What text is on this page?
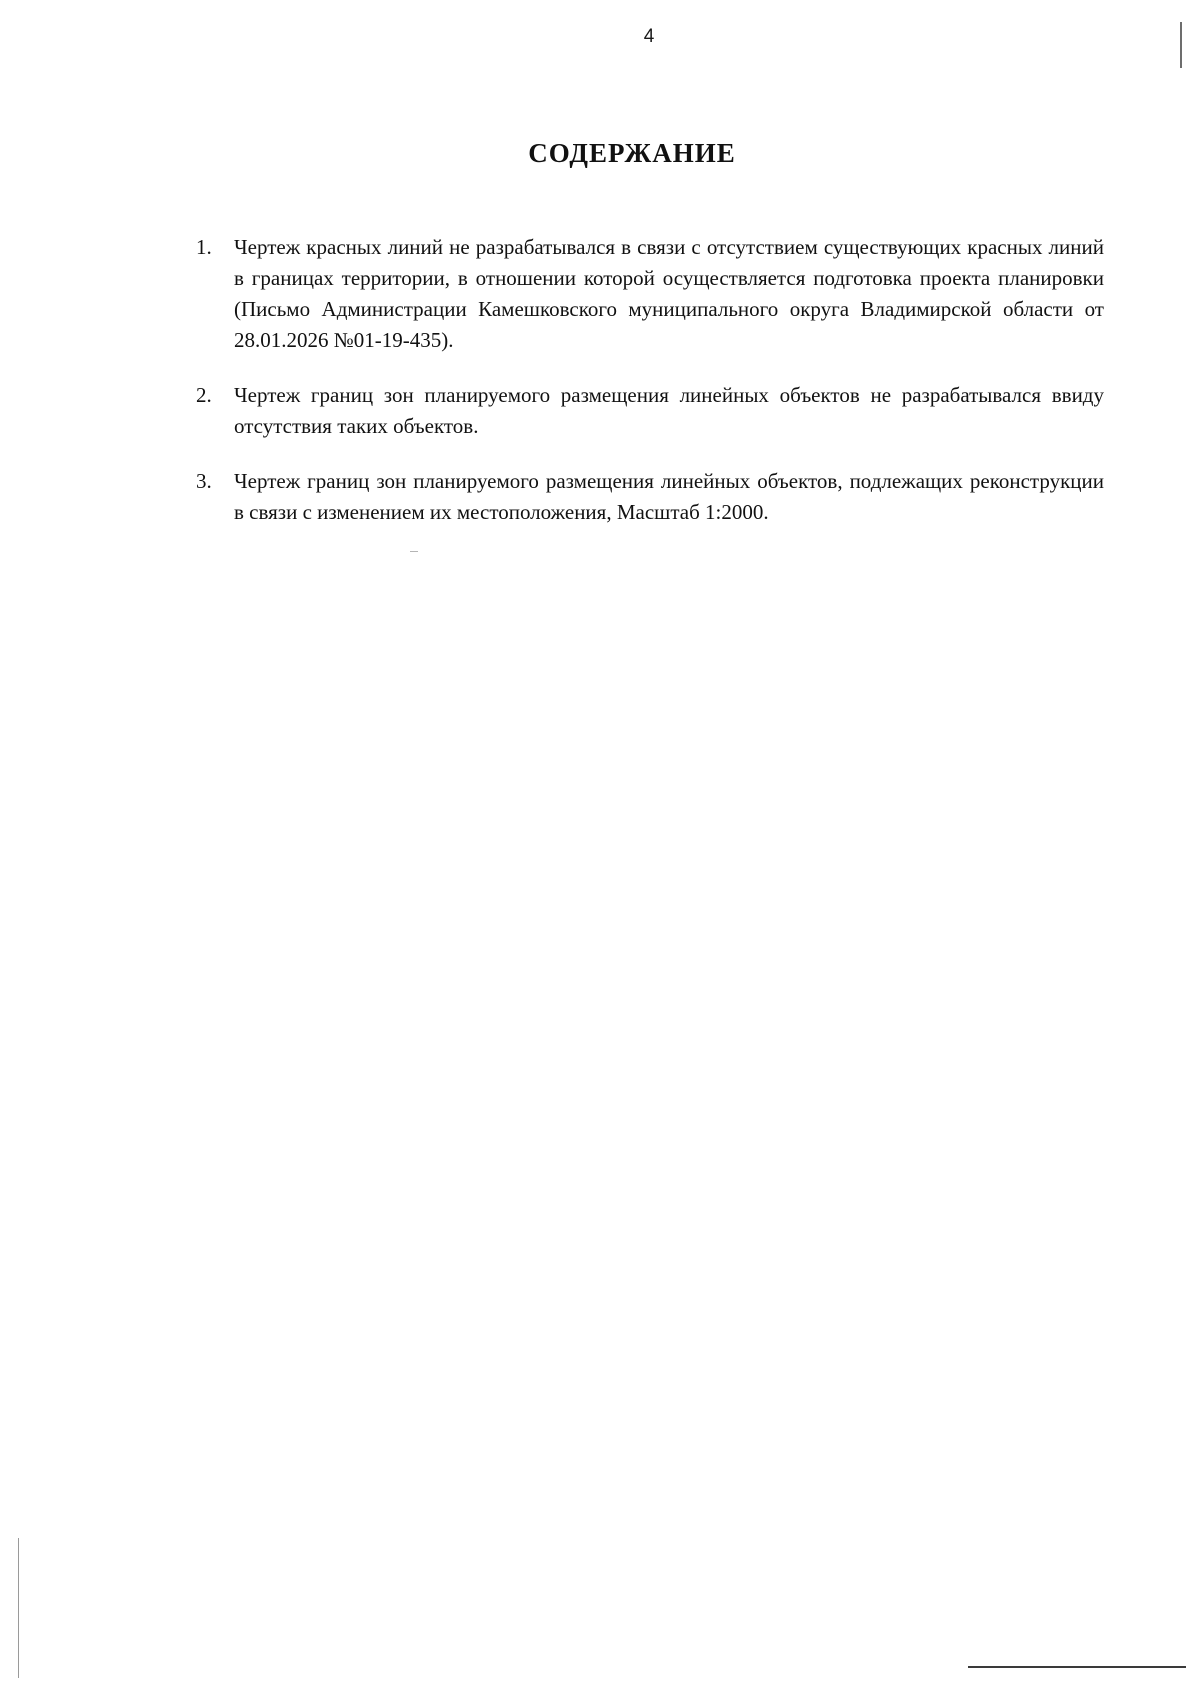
4
СОДЕРЖАНИЕ
1. Чертеж красных линий не разрабатывался в связи с отсутствием существующих красных линий в границах территории, в отношении которой осуществляется подготовка проекта планировки (Письмо Администрации Камешковского муниципального округа Владимирской области от 28.01.2026 №01-19-435).
2. Чертеж границ зон планируемого размещения линейных объектов не разрабатывался ввиду отсутствия таких объектов.
3. Чертеж границ зон планируемого размещения линейных объектов, подлежащих реконструкции в связи с изменением их местоположения, Масштаб 1:2000.
